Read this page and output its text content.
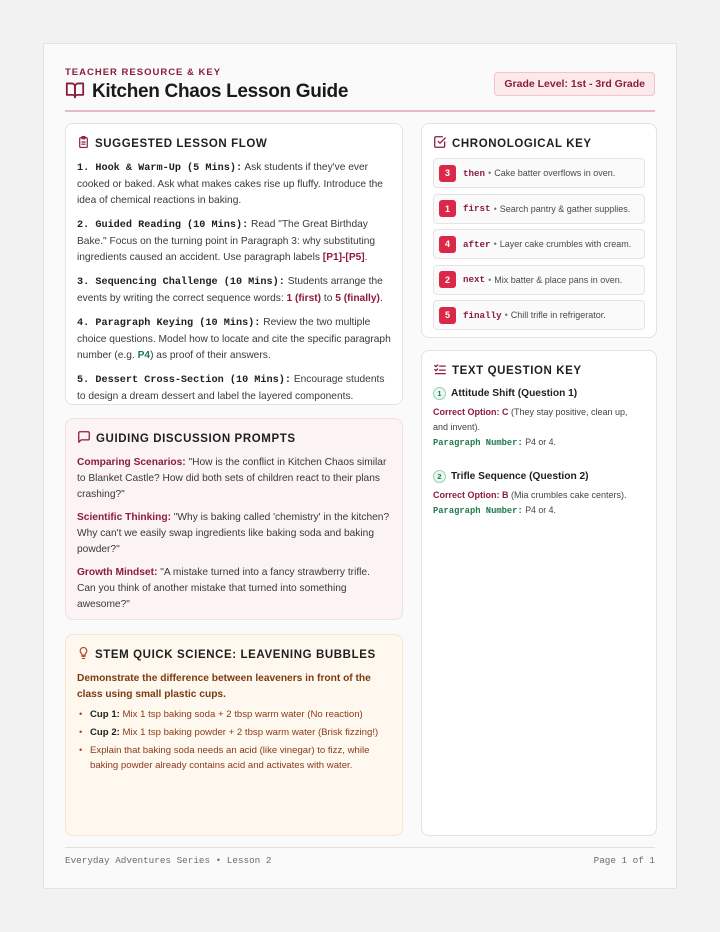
TEACHER RESOURCE & KEY
Kitchen Chaos Lesson Guide	Grade Level: 1st - 3rd Grade
SUGGESTED LESSON FLOW

1. Hook & Warm-Up (5 Mins): Ask students if they've ever cooked or baked. Ask what makes cakes rise up fluffy. Introduce the idea of chemical reactions in baking.

2. Guided Reading (10 Mins): Read "The Great Birthday Bake." Focus on the turning point in Paragraph 3: why substituting ingredients caused an accident. Use paragraph labels [P1]-[P5].

3. Sequencing Challenge (10 Mins): Students arrange the events by writing the correct sequence words: 1 (first) to 5 (finally).

4. Paragraph Keying (10 Mins): Review the two multiple choice questions. Model how to locate and cite the specific paragraph number (e.g. P4) as proof of their answers.

5. Dessert Cross-Section (10 Mins): Encourage students to design a dream dessert and label the layered components.

GUIDING DISCUSSION PROMPTS

Comparing Scenarios: "How is the conflict in Kitchen Chaos similar to Blanket Castle? How did both sets of children react to their plans crashing?"

Scientific Thinking: "Why is baking called 'chemistry' in the kitchen? Why can't we easily swap ingredients like baking soda and baking powder?"

Growth Mindset: "A mistake turned into a fancy strawberry trifle. Can you think of another mistake that turned into something awesome?"

STEM QUICK SCIENCE: LEAVENING BUBBLES

Demonstrate the difference between leaveners in front of the class using small plastic cups.

• Cup 1: Mix 1 tsp baking soda + 2 tbsp warm water (No reaction)
• Cup 2: Mix 1 tsp baking powder + 2 tbsp warm water (Brisk fizzing!)
• Explain that baking soda needs an acid (like vinegar) to fizz, while baking powder already contains acid and activates with water.
CHRONOLOGICAL KEY
3	then • Cake batter overflows in oven.
1	first • Search pantry & gather supplies.
4	after • Layer cake crumbles with cream.
2	next • Mix batter & place pans in oven.
5	finally • Chill trifle in refrigerator.
TEXT QUESTION KEY
1 Attitude Shift (Question 1)

Correct Option: C (They stay positive, clean up, and invent).

Paragraph Number: P4 or 4.

2 Trifle Sequence (Question 2)

Correct Option: B (Mia crumbles cake centers).

Paragraph Number: P4 or 4.

Everyday Adventures Series • Lesson 2	Page 1 of 1
